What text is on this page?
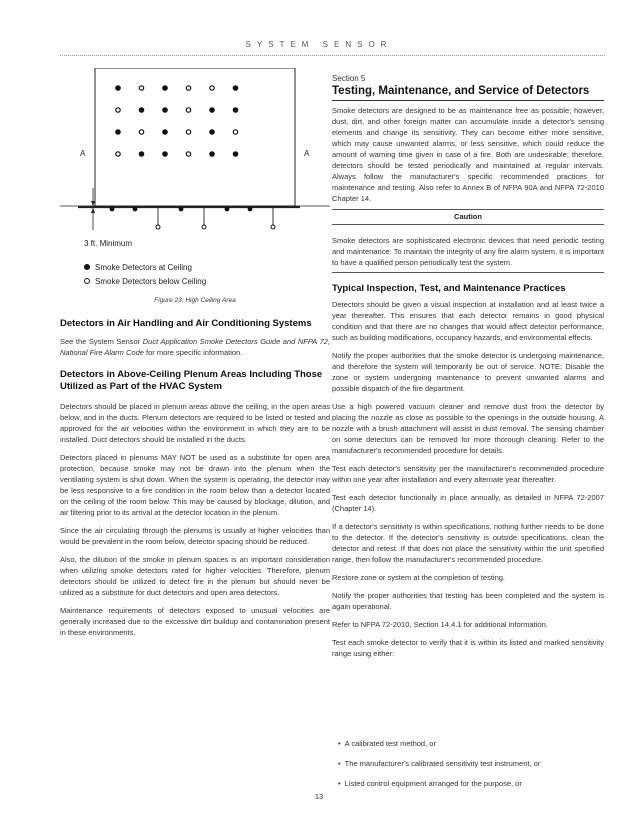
SYSTEM SENSOR
A	A
3 ft. Minimum
Smoke Detectors at Ceiling
Smoke Detectors below Ceiling
Figure 23: High Ceiling Area

Detectors in Air Handling and Air Conditioning Systems

See the System Sensor Duct Application Smoke Detectors Guide and NFPA 72, National Fire Alarm Code for more specific information.

Detectors in Above-Ceiling Plenum Areas Including Those Utilized as Part of the HVAC System

Detectors should be placed in plenum areas above the ceiling, in the open areas below, and in the ducts. Plenum detectors are required to be listed or tested and approved for the air velocities within the environment in which they are to be installed. Duct detectors should be installed in the ducts.

Detectors placed in plenums MAY NOT be used as a substitute for open area protection, because smoke may not be drawn into the plenum when the ventilating system is shut down. When the system is operating, the detector may be less responsive to a fire condition in the room below than a detector located on the ceiling of the room below. This may be caused by blockage, dilution, and air filtering prior to its arrival at the detector location in the plenum.

Since the air circulating through the plenums is usually at higher velocities than would be prevalent in the room below, detector spacing should be reduced.

Also, the dilution of the smoke in plenum spaces is an important consideration when utilizing smoke detectors rated for higher velocities. Therefore, plenum detectors should be utilized to detect fire in the plenum but should never be utilized as a substitute for duct detectors and open area detectors.

Maintenance requirements of detectors exposed to unusual velocities are generally increased due to the excessive dirt buildup and contamination present in these environments.

Section 5
Testing, Maintenance, and Service of Detectors

Smoke detectors are designed to be as maintenance free as possible; however, dust, dirt, and other foreign matter can accumulate inside a detector's sensing elements and change its sensitivity. They can become either more sensitive, which may cause unwanted alarms, or less sensitive, which could reduce the amount of warning time given in case of a fire. Both are undesirable; therefore, detectors should be tested periodically and maintained at regular intervals. Always follow the manufacturer's specific recommended practices for maintenance and testing. Also refer to Annex B of NFPA 90A and NFPA 72-2010 Chapter 14.

Caution

Smoke detectors are sophisticated electronic devices that need periodic testing and maintenance. To maintain the integrity of any fire alarm system, it is important to have a qualified person periodically test the system.

Typical Inspection, Test, and Maintenance Practices

Detectors should be given a visual inspection at installation and at least twice a year thereafter. This ensures that each detector remains in good physical condition and that there are no changes that would affect detector performance, such as building modifications, occupancy hazards, and environmental effects.

Notify the proper authorities that the smoke detector is undergoing maintenance, and therefore the system will temporarily be out of service. NOTE: Disable the zone or system undergoing maintenance to prevent unwanted alarms and possible dispatch of the fire department.

Use a high powered vacuum cleaner and remove dust from the detector by placing the nozzle as close as possible to the openings in the outside housing. A nozzle with a brush attachment will assist in dust removal. The sensing chamber on some detectors can be removed for more thorough cleaning. Refer to the manufacturer's recommended procedure for details.

Test each detector's sensitivity per the manufacturer's recommended procedure within one year after installation and every alternate year thereafter.

Test each detector functionally in place annually, as detailed in NFPA 72-2007 (Chapter 14).

If a detector's sensitivity is within specifications, nothing further needs to be done to the detector. If the detector's sensitivity is outside specifications, clean the detector and retest. If that does not place the sensitivity within the unit specified range, then follow the manufacturer's recommended procedure.

Restore zone or system at the completion of testing.

Notify the proper authorities that testing has been completed and the system is again operational.

Refer to NFPA 72-2010, Section 14.4.1 for additional information.

Test each smoke detector to verify that it is within its listed and marked sensitivity range using either:

• A calibrated test method, or
• The manufacturer's calibrated sensitivity test instrument, or
• Listed control equipment arranged for the purpose, or
13
